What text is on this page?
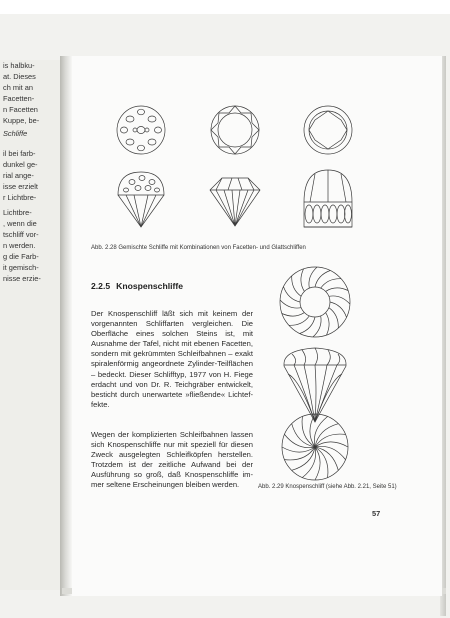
is halbku-
at. Dieses
ch mit an
Facetten-
n Facetten
Kuppe, be-
Schliffe
il bei farb-
dunkel ge-
rial ange-
isse erzielt
r Lichtbre-
Lichtbre-
, wenn die
tschliff vor-
n werden.
g die Farb-
it gemisch-
nisse erzie-
Abb. 2.28 Gemischte Schliffe mit Kombinationen von Facetten- und Glattschliffen
2.2.5 Knospenschliffe

Der Knospenschliff läßt sich mit keinem der vorgenannten Schliffarten vergleichen. Die Oberfläche eines solchen Steins ist, mit Ausnahme der Tafel, nicht mit ebenen Facetten, sondern mit gekrümmten Schleifbahnen – exakt spiralenförmig angeordnete Zylinder-Teilflächen – bedeckt. Dieser Schlifftyp, 1977 von H. Fiege erdacht und von Dr. R. Teichgräber entwickelt, besticht durch unerwartete »fließende« Lichteffekte.

Wegen der komplizierten Schleifbahnen lassen sich Knospenschliffe nur mit speziell für diesen Zweck ausgelegten Schleifköpfen herstellen. Trotzdem ist der zeitliche Aufwand bei der Ausführung so groß, daß Knospenschliffe immer seltene Erscheinungen bleiben werden.	Abb. 2.29 Knospenschliff (siehe Abb. 2.21, Seite 51)
57
